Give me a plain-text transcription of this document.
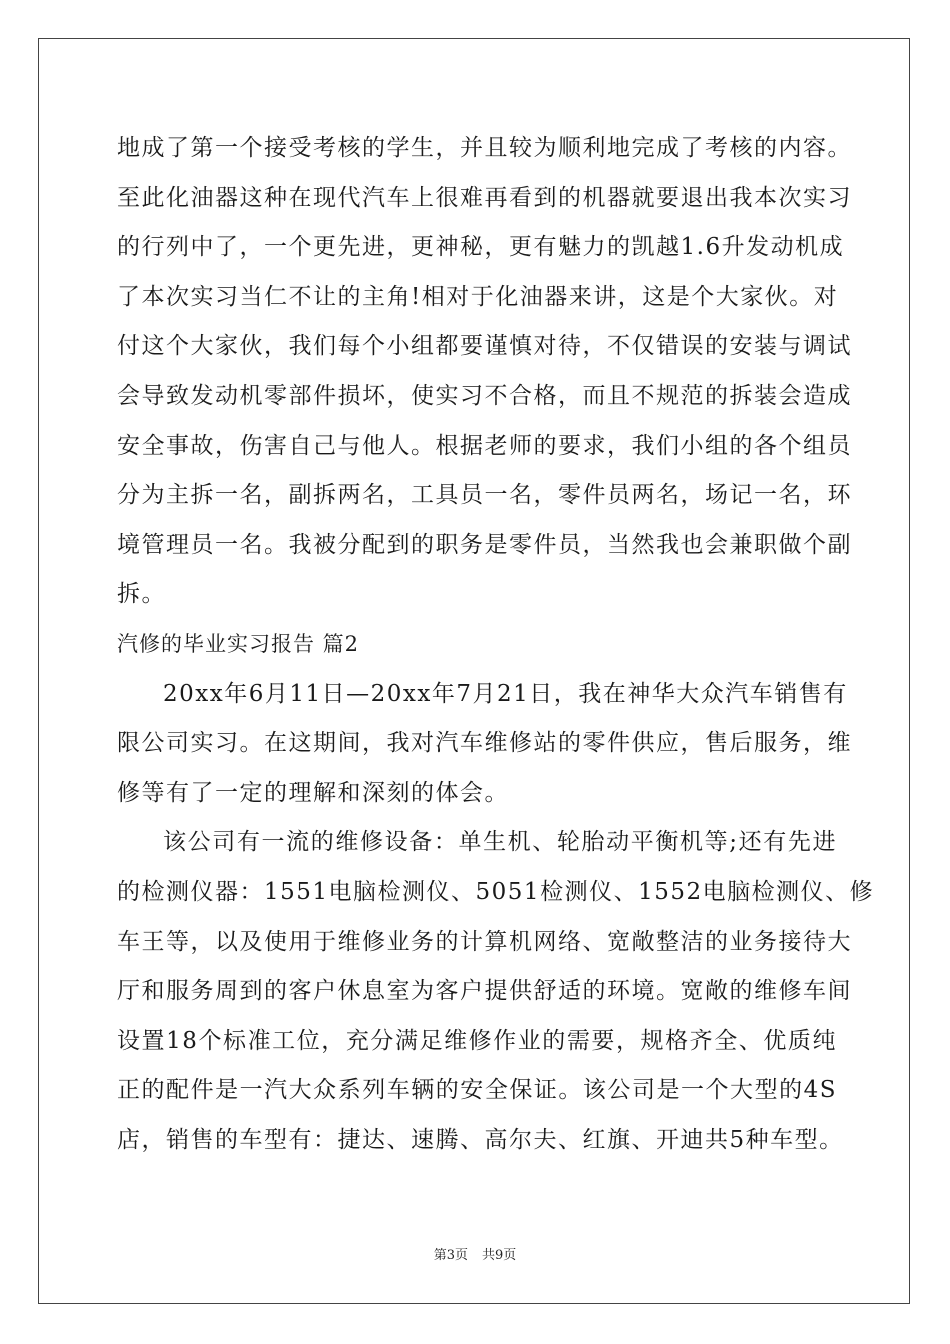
地成了第一个接受考核的学生，并且较为顺利地完成了考核的内容。
至此化油器这种在现代汽车上很难再看到的机器就要退出我本次实习
的行列中了，一个更先进，更神秘，更有魅力的凯越1.6升发动机成
了本次实习当仁不让的主角!相对于化油器来讲，这是个大家伙。对
付这个大家伙，我们每个小组都要谨慎对待，不仅错误的安装与调试
会导致发动机零部件损坏，使实习不合格，而且不规范的拆装会造成
安全事故，伤害自己与他人。根据老师的要求，我们小组的各个组员
分为主拆一名，副拆两名，工具员一名，零件员两名，场记一名，环
境管理员一名。我被分配到的职务是零件员，当然我也会兼职做个副
拆。
汽修的毕业实习报告 篇2
20xx年6月11日—20xx年7月21日，我在神华大众汽车销售有
限公司实习。在这期间，我对汽车维修站的零件供应，售后服务，维
修等有了一定的理解和深刻的体会。
该公司有一流的维修设备：单生机、轮胎动平衡机等;还有先进
的检测仪器：1551电脑检测仪、5051检测仪、1552电脑检测仪、修
车王等，以及使用于维修业务的计算机网络、宽敞整洁的业务接待大
厅和服务周到的客户休息室为客户提供舒适的环境。宽敞的维修车间
设置18个标准工位，充分满足维修作业的需要，规格齐全、优质纯
正的配件是一汽大众系列车辆的安全保证。该公司是一个大型的4S
店，销售的车型有：捷达、速腾、高尔夫、红旗、开迪共5种车型。
第3页 共9页
